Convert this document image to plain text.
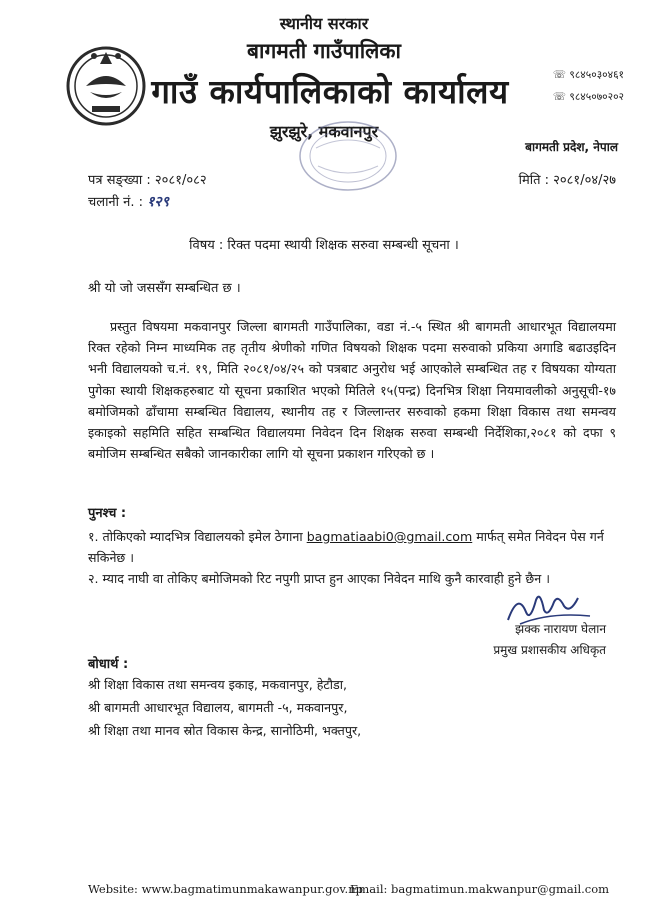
स्थानीय सरकार
बागमती गाउँपालिका
गाउँ कार्यपालिकाको कार्यालय
झुरझुरे, मकवानपुर
☏ ९८४५०३०४६१
☏ ९८४५०७०२०२
बागमती प्रदेश, नेपाल
पत्र सङ्ख्या : २०८१/०८२
चलानी नं. : १२९
मिति : २०८१/०४/२७
विषय : रिक्त पदमा स्थायी शिक्षक सरुवा सम्बन्धी सूचना ।
श्री यो जो जससँग सम्बन्धित छ ।
प्रस्तुत विषयमा मकवानपुर जिल्ला बागमती गाउँपालिका, वडा नं.-५ स्थित श्री बागमती आधारभूत विद्यालयमा रिक्त रहेको निम्न माध्यमिक तह तृतीय श्रेणीको गणित विषयको शिक्षक पदमा सरुवाको प्रकिया अगाडि बढाउइदिन भनी विद्यालयको च.नं. १९, मिति २०८१/०४/२५ को पत्रबाट अनुरोध भई आएकोले सम्बन्धित तह र विषयका योग्यता पुगेका स्थायी शिक्षकहरुबाट यो सूचना प्रकाशित भएको मितिले १५(पन्द्र) दिनभित्र शिक्षा नियमावलीको अनुसूची-१७ बमोजिमको ढाँचामा सम्बन्धित विद्यालय, स्थानीय तह र जिल्लान्तर सरुवाको हकमा शिक्षा विकास तथा समन्वय इकाइको सहमिति सहित सम्बन्धित विद्यालयमा निवेदन दिन शिक्षक सरुवा सम्बन्धी निर्देशिका,२०८१ को दफा ९ बमोजिम सम्बन्धित सबैको जानकारीका लागि यो सूचना प्रकाशन गरिएको छ ।
पुनश्च :
१. तोकिएको म्यादभित्र विद्यालयको इमेल ठेगाना bagmatiaabi0@gmail.com मार्फत् समेत निवेदन पेस गर्न सकिनेछ ।
२. म्याद नाघी वा तोकिए बमोजिमको रिट नपुगी प्राप्त हुन आएका निवेदन माथि कुनै कारवाही हुने छैन ।
झक्क नारायण घेलान
प्रमुख प्रशासकीय अधिकृत
बोधार्थ :
श्री शिक्षा विकास तथा समन्वय इकाइ, मकवानपुर, हेटौडा,
श्री बागमती आधारभूत विद्यालय, बागमती -५, मकवानपुर,
श्री शिक्षा तथा मानव स्रोत विकास केन्द्र, सानोठिमी, भक्तपुर,
Website: www.bagmatimunmakawanpur.gov.np
Email: bagmatimun.makwanpur@gmail.com
